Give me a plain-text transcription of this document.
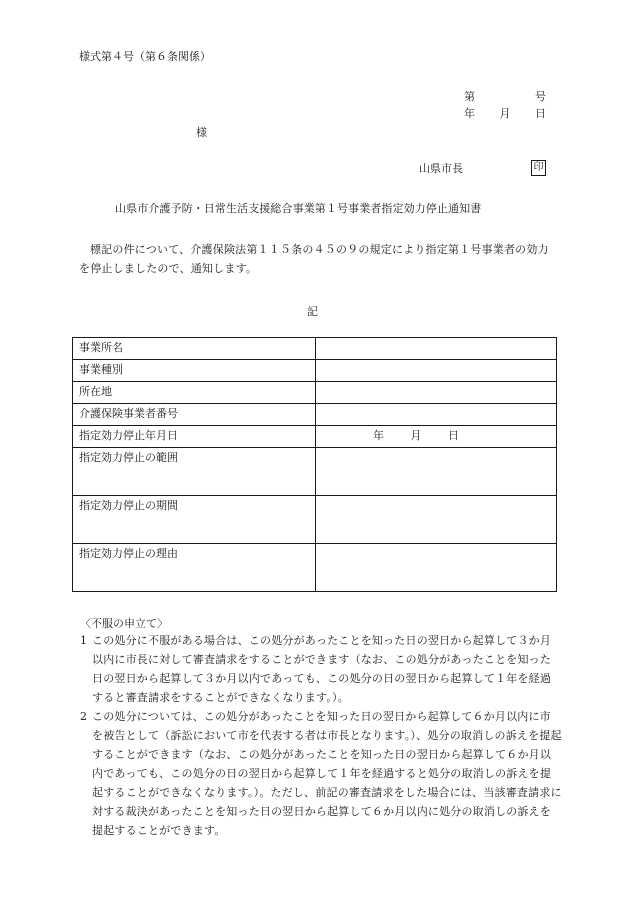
様式第４号（第６条関係）
第	号
年 月 日
様
山県市長	印
山県市介護予防・日常生活支援総合事業第１号事業者指定効力停止通知書
標記の件について、介護保険法第１１５条の４５の９の規定により指定第１号事業者の効力を停止しましたので、通知します。
記
事業所名	
事業種別	
所在地	
介護保険事業者番号	
指定効力停止年月日	年 月 日

指定効力停止の範囲	
指定効力停止の期間	
指定効力停止の理由	
〈不服の申立て〉
1 この処分に不服がある場合は、この処分があったことを知った日の翌日から起算して３か月以内に市長に対して審査請求をすることができます（なお、この処分があったことを知った日の翌日から起算して３か月以内であっても、この処分の日の翌日から起算して１年を経過すると審査請求をすることができなくなります。）。
2 この処分については、この処分があったことを知った日の翌日から起算して６か月以内に市を被告として（訴訟において市を代表する者は市長となります。）、処分の取消しの訴えを提起することができます（なお、この処分があったことを知った日の翌日から起算して６か月以内であっても、この処分の日の翌日から起算して１年を経過すると処分の取消しの訴えを提起することができなくなります。）。ただし、前記の審査請求をした場合には、当該審査請求に対する裁決があったことを知った日の翌日から起算して６か月以内に処分の取消しの訴えを提起することができます。
